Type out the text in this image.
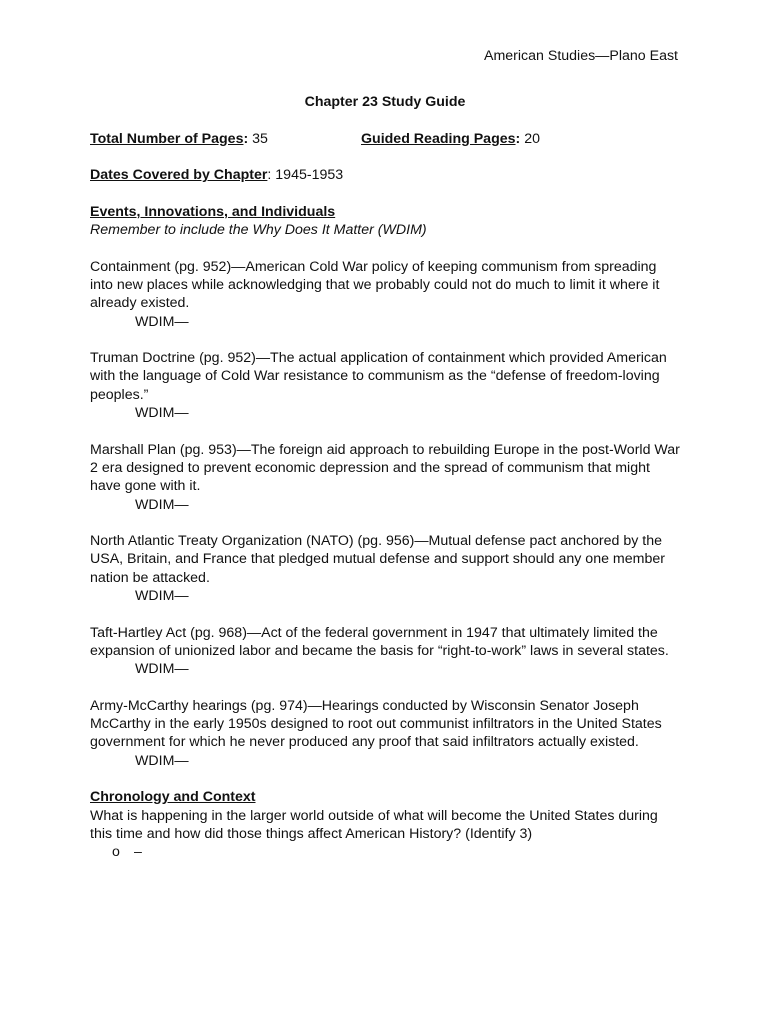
American Studies—Plano East

Chapter 23 Study Guide

Total Number of Pages: 35	Guided Reading Pages: 20
Dates Covered by Chapter: 1945-1953
Events, Innovations, and Individuals
Remember to include the Why Does It Matter (WDIM)

Containment (pg. 952)—American Cold War policy of keeping communism from spreading into new places while acknowledging that we probably could not do much to limit it where it already existed.

WDIM—

Truman Doctrine (pg. 952)—The actual application of containment which provided American with the language of Cold War resistance to communism as the “defense of freedom-loving peoples.”

WDIM—

Marshall Plan (pg. 953)—The foreign aid approach to rebuilding Europe in the post-World War 2 era designed to prevent economic depression and the spread of communism that might have gone with it.

WDIM—

North Atlantic Treaty Organization (NATO) (pg. 956)—Mutual defense pact anchored by the USA, Britain, and France that pledged mutual defense and support should any one member nation be attacked.

WDIM—

Taft-Hartley Act (pg. 968)—Act of the federal government in 1947 that ultimately limited the expansion of unionized labor and became the basis for “right-to-work” laws in several states.

WDIM—

Army-McCarthy hearings (pg. 974)—Hearings conducted by Wisconsin Senator Joseph McCarthy in the early 1950s designed to root out communist infiltrators in the United States government for which he never produced any proof that said infiltrators actually existed.

WDIM—

Chronology and Context
What is happening in the larger world outside of what will become the United States during this time and how did those things affect American History? (Identify 3)
o –
